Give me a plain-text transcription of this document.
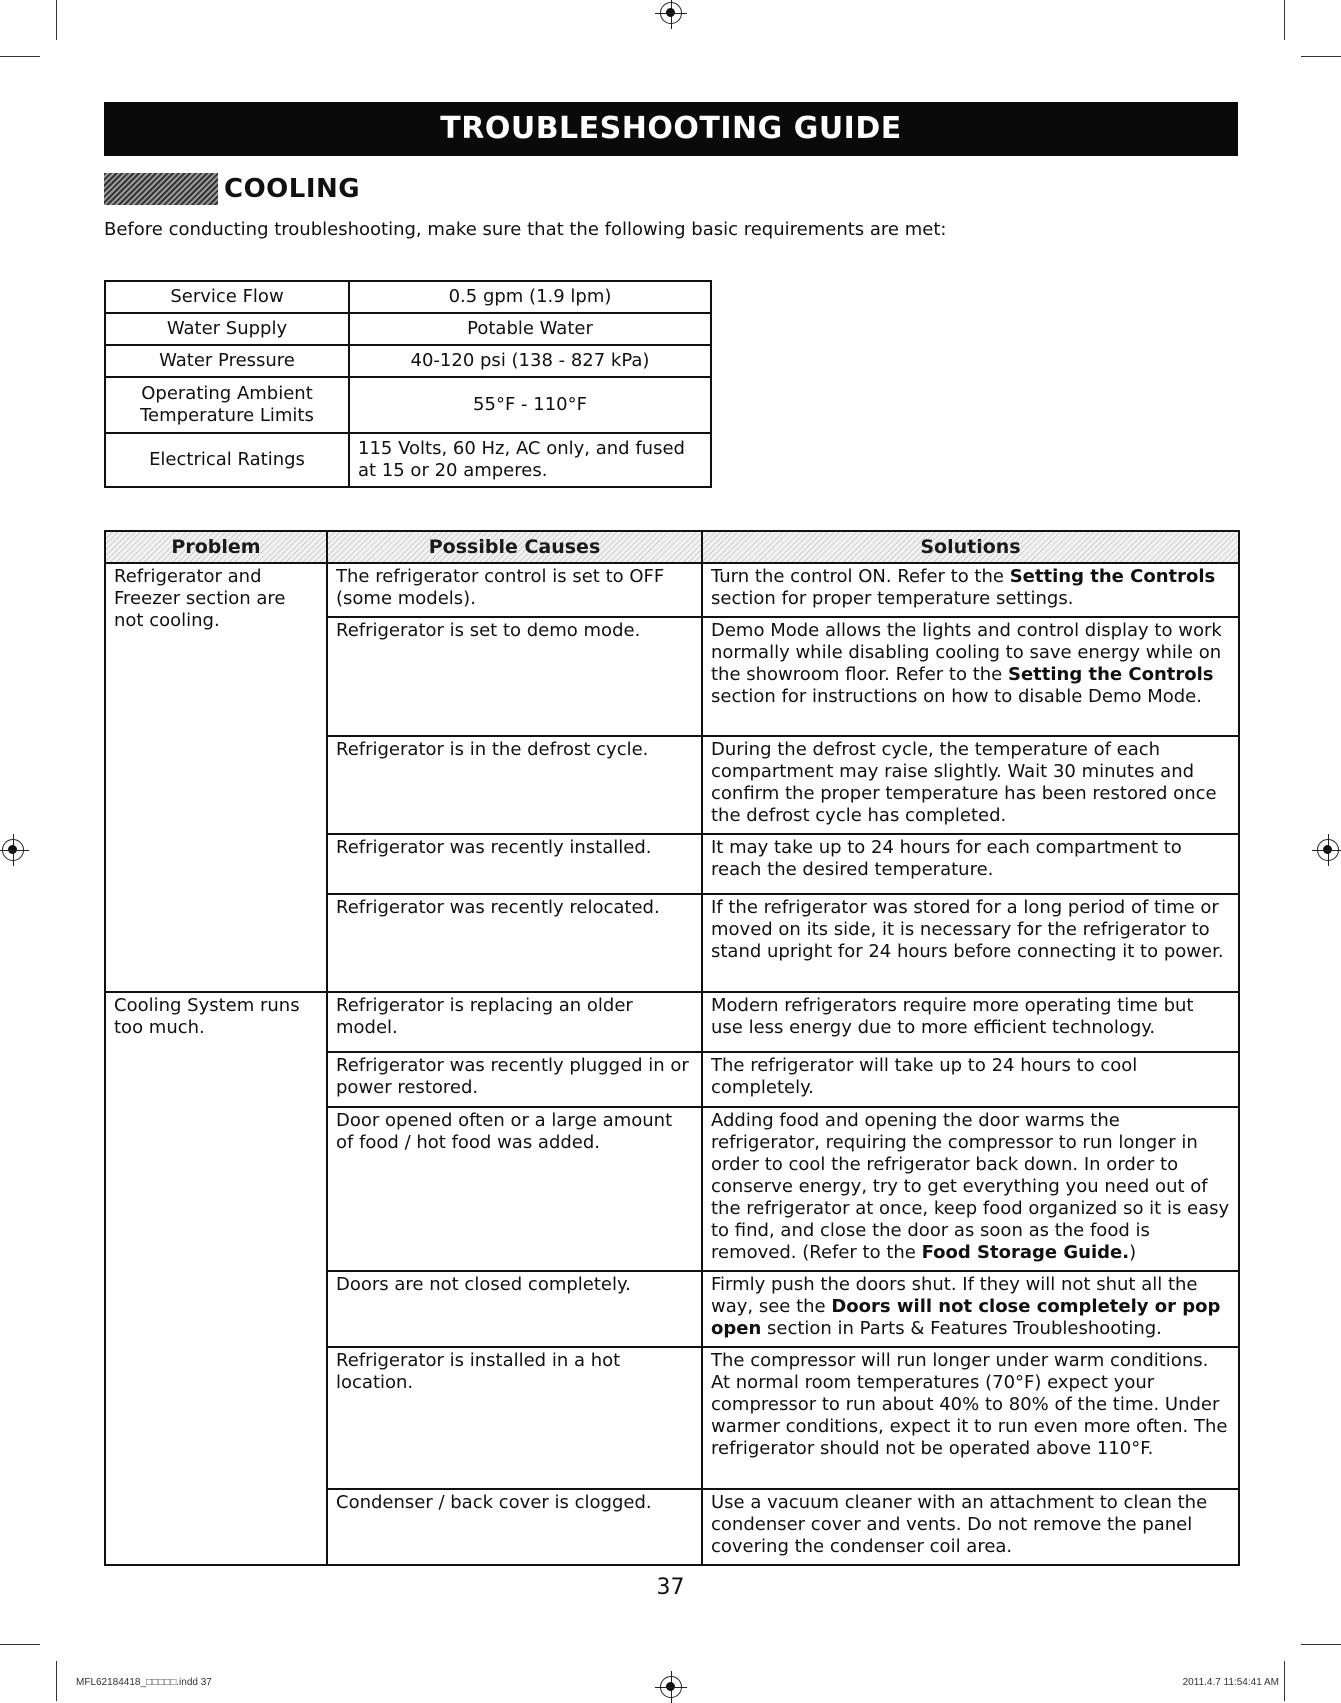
TROUBLESHOOTING GUIDE
COOLING
Before conducting troubleshooting, make sure that the following basic requirements are met:
Service Flow	0.5 gpm (1.9 lpm)
Water Supply	Potable Water
Water Pressure	40-120 psi (138 - 827 kPa)
Operating Ambient Temperature Limits	55°F - 110°F
Electrical Ratings	115 Volts, 60 Hz, AC only, and fused at 15 or 20 amperes.
Problem	Possible Causes	Solutions
Refrigerator and Freezer section are not cooling.	The refrigerator control is set to OFF (some models).	Turn the control ON. Refer to the Setting the Controls section for proper temperature settings.
	Refrigerator is set to demo mode.	Demo Mode allows the lights and control display to work normally while disabling cooling to save energy while on the showroom floor. Refer to the Setting the Controls section for instructions on how to disable Demo Mode.
	Refrigerator is in the defrost cycle.	During the defrost cycle, the temperature of each compartment may raise slightly. Wait 30 minutes and confirm the proper temperature has been restored once the defrost cycle has completed.
	Refrigerator was recently installed.	It may take up to 24 hours for each compartment to reach the desired temperature.
	Refrigerator was recently relocated.	If the refrigerator was stored for a long period of time or moved on its side, it is necessary for the refrigerator to stand upright for 24 hours before connecting it to power.
Cooling System runs too much.	Refrigerator is replacing an older model.	Modern refrigerators require more operating time but use less energy due to more efficient technology.
	Refrigerator was recently plugged in or power restored.	The refrigerator will take up to 24 hours to cool completely.
	Door opened often or a large amount of food / hot food was added.	Adding food and opening the door warms the refrigerator, requiring the compressor to run longer in order to cool the refrigerator back down. In order to conserve energy, try to get everything you need out of the refrigerator at once, keep food organized so it is easy to find, and close the door as soon as the food is removed. (Refer to the Food Storage Guide.)
	Doors are not closed completely.	Firmly push the doors shut. If they will not shut all the way, see the Doors will not close completely or pop open section in Parts & Features Troubleshooting.
	Refrigerator is installed in a hot location.	The compressor will run longer under warm conditions. At normal room temperatures (70°F) expect your compressor to run about 40% to 80% of the time. Under warmer conditions, expect it to run even more often. The refrigerator should not be operated above 110°F.
	Condenser / back cover is clogged.	Use a vacuum cleaner with an attachment to clean the condenser cover and vents. Do not remove the panel covering the condenser coil area.
37
MFL62184418_□□□□□.indd 37	2011.4.7 11:54:41 AM
